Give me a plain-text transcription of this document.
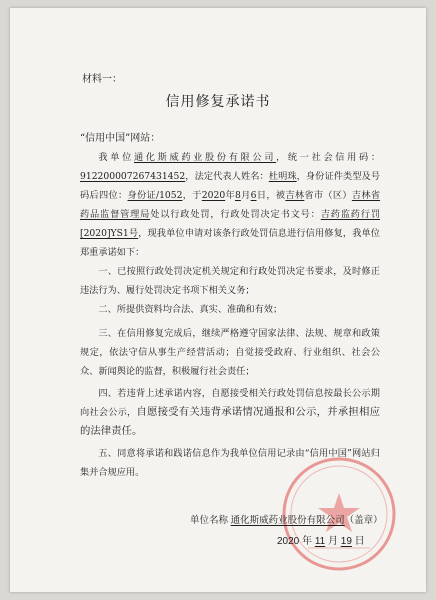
材料一：
信用修复承诺书
“信用中国”网站：

我单位通化斯威药业股份有限公司，统一社会信用码：912200007267431452，法定代表人姓名：杜明珠，身份证件类型及号码后四位：身份证/1052，于2020年8月6日，被吉林省市（区）吉林省药品监督管理局处以行政处罚，行政处罚决定书文号：吉药监药行罚[2020]YS1号，现我单位申请对该条行政处罚信息进行信用修复，我单位郑重承诺如下：

一、已按照行政处罚决定机关规定和行政处罚决定书要求，及时修正违法行为、履行处罚决定书项下相关义务；

二、所提供资料均合法、真实、准确和有效；

三、在信用修复完成后，继续严格遵守国家法律、法规、规章和政策规定，依法守信从事生产经营活动；自觉接受政府、行业组织、社会公众、新闻舆论的监督，积极履行社会责任；

四、若违背上述承诺内容，自愿接受相关行政处罚信息按最长公示期向社会公示，自愿接受有关违背承诺情况通报和公示，并承担相应的法律责任。

五、同意将承诺和践诺信息作为我单位信用记录由“信用中国”网站归集并合规应用。

单位名称 通化斯威药业股份有限公司（盖章）
2020 年 11 月 19 日
